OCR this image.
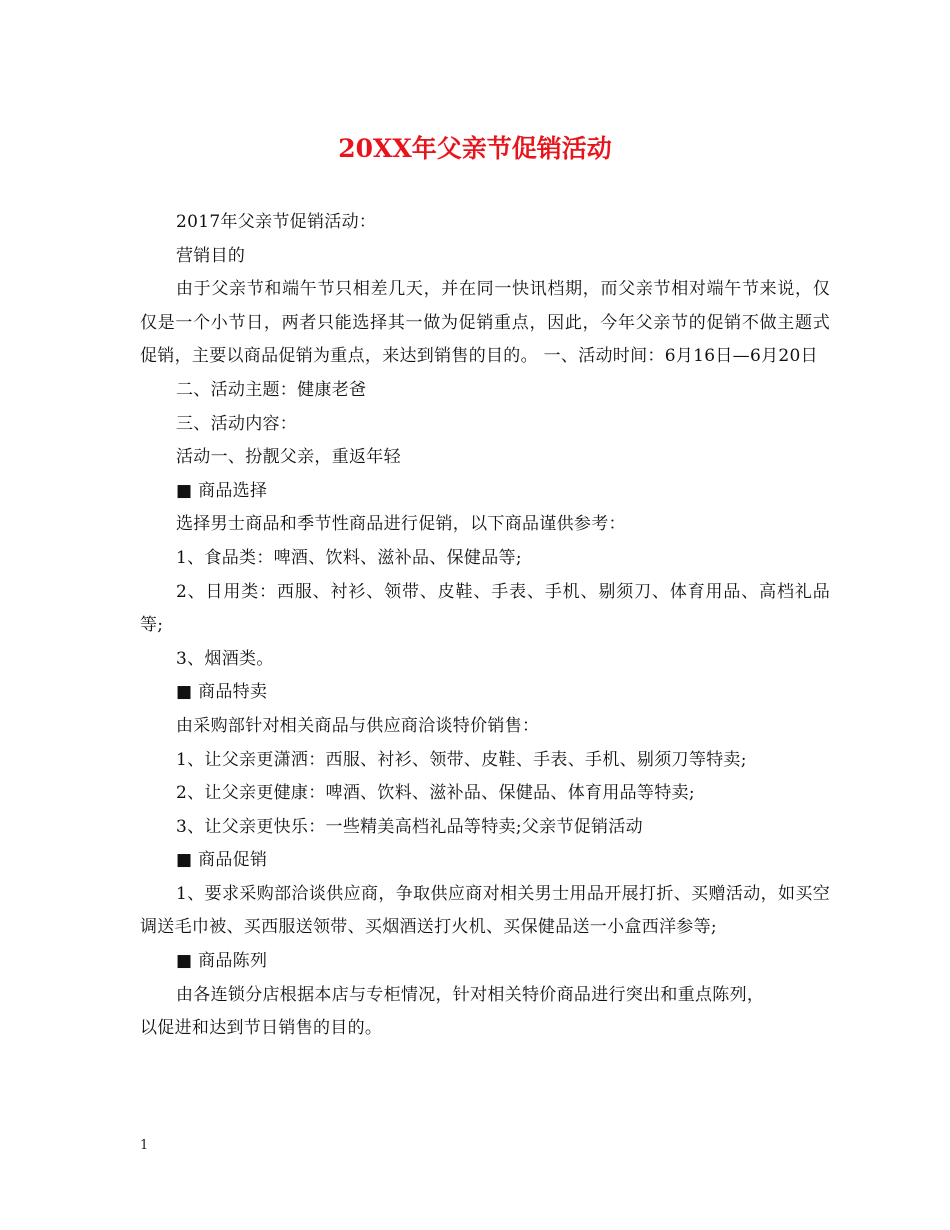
20XX年父亲节促销活动

2017年父亲节促销活动：

营销目的

由于父亲节和端午节只相差几天，并在同一快讯档期，而父亲节相对端午节来说，仅仅是一个小节日，两者只能选择其一做为促销重点，因此，今年父亲节的促销不做主题式促销，主要以商品促销为重点，来达到销售的目的。 一、活动时间：6月16日—6月20日

二、活动主题：健康老爸

三、活动内容：

活动一、扮靓父亲，重返年轻

■ 商品选择

选择男士商品和季节性商品进行促销，以下商品谨供参考：

1、食品类：啤酒、饮料、滋补品、保健品等;

2、日用类：西服、衬衫、领带、皮鞋、手表、手机、剔须刀、体育用品、高档礼品等;

3、烟酒类。

■ 商品特卖

由采购部针对相关商品与供应商洽谈特价销售：

1、让父亲更潇洒：西服、衬衫、领带、皮鞋、手表、手机、剔须刀等特卖;

2、让父亲更健康：啤酒、饮料、滋补品、保健品、体育用品等特卖;

3、让父亲更快乐：一些精美高档礼品等特卖;父亲节促销活动

■ 商品促销

1、要求采购部洽谈供应商，争取供应商对相关男士用品开展打折、买赠活动，如买空调送毛巾被、买西服送领带、买烟酒送打火机、买保健品送一小盒西洋参等;

■ 商品陈列

由各连锁分店根据本店与专柜情况，针对相关特价商品进行突出和重点陈列，

以促进和达到节日销售的目的。

1
